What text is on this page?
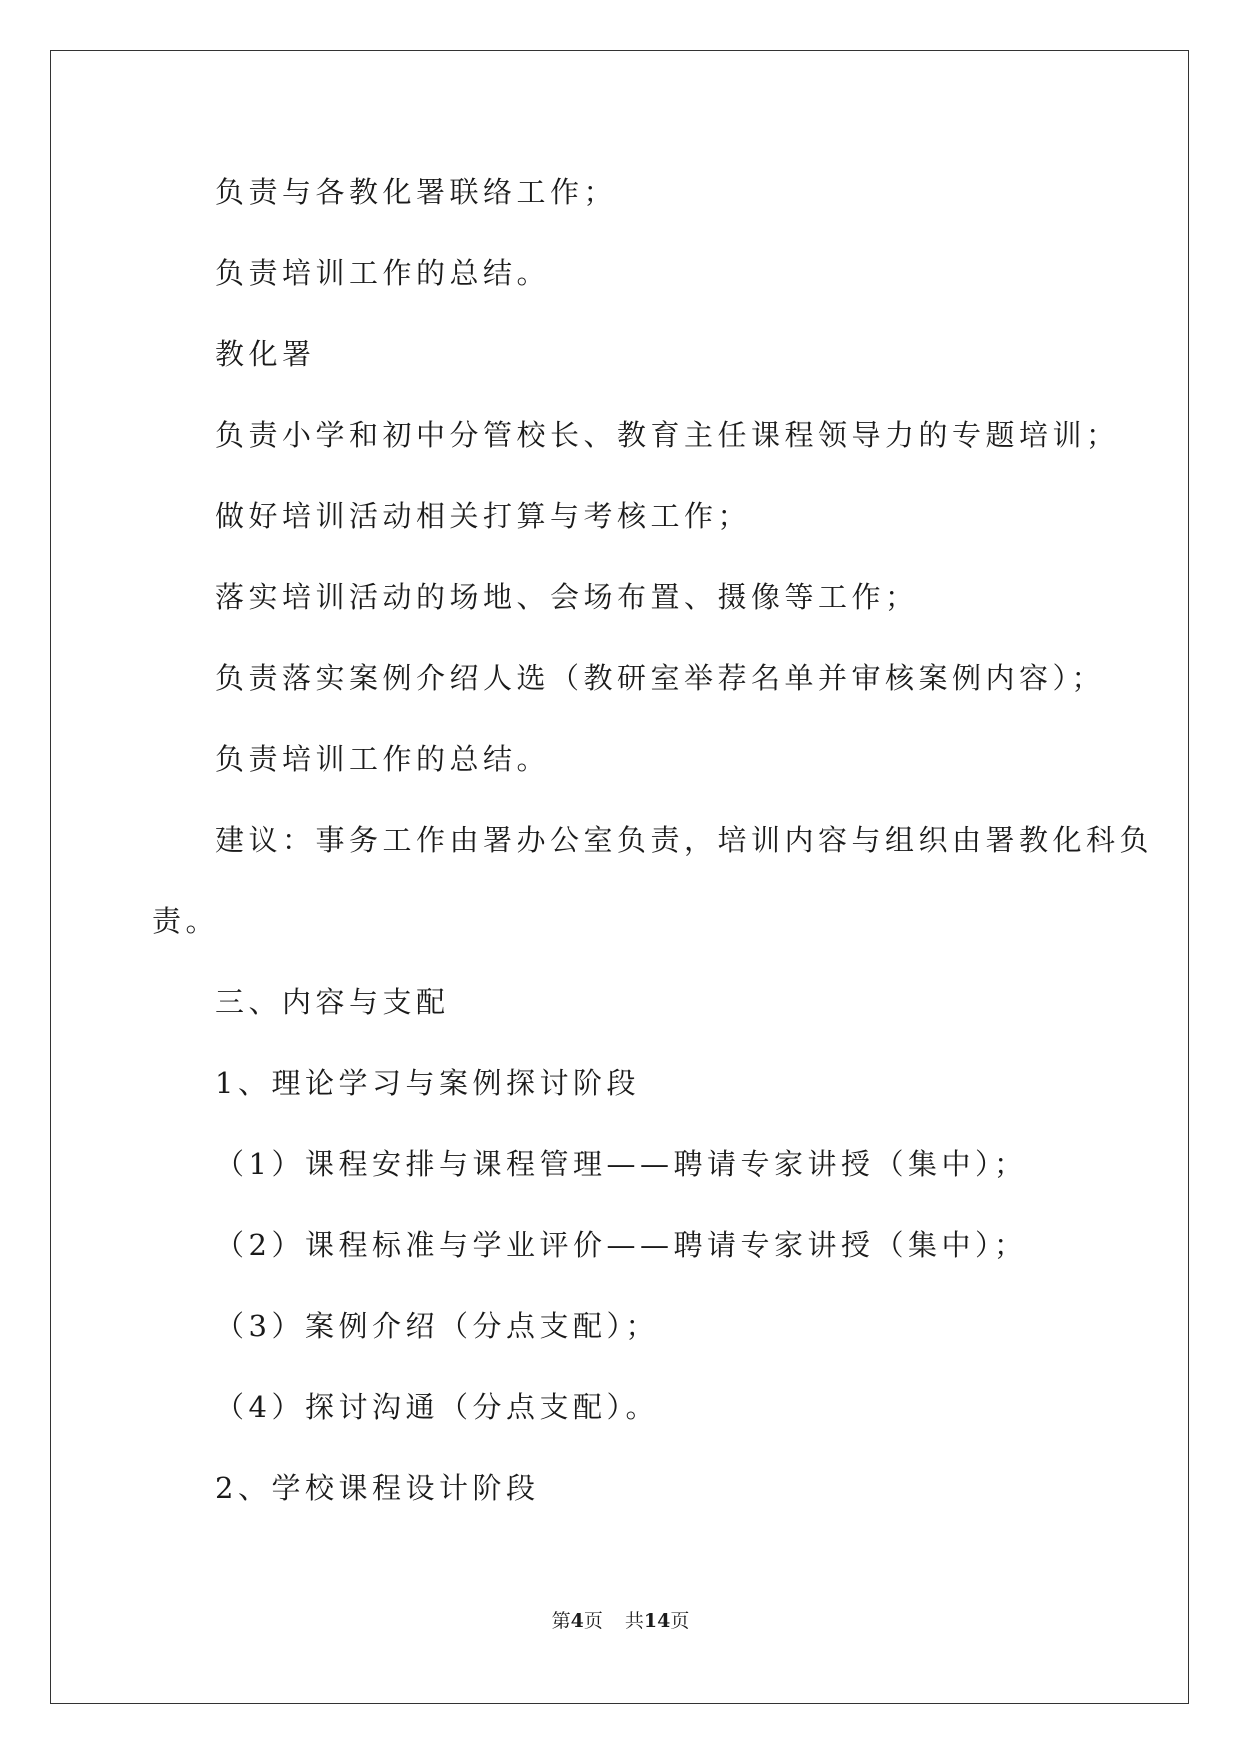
负责与各教化署联络工作；

负责培训工作的总结。

教化署

负责小学和初中分管校长、教育主任课程领导力的专题培训；

做好培训活动相关打算与考核工作；

落实培训活动的场地、会场布置、摄像等工作；

负责落实案例介绍人选（教研室举荐名单并审核案例内容）；

负责培训工作的总结。

建议：事务工作由署办公室负责，培训内容与组织由署教化科负

责。

三、内容与支配

1、理论学习与案例探讨阶段

（1）课程安排与课程管理——聘请专家讲授（集中）；

（2）课程标准与学业评价——聘请专家讲授（集中）；

（3）案例介绍（分点支配）；

（4）探讨沟通（分点支配）。

2、学校课程设计阶段

第4页 共14页
